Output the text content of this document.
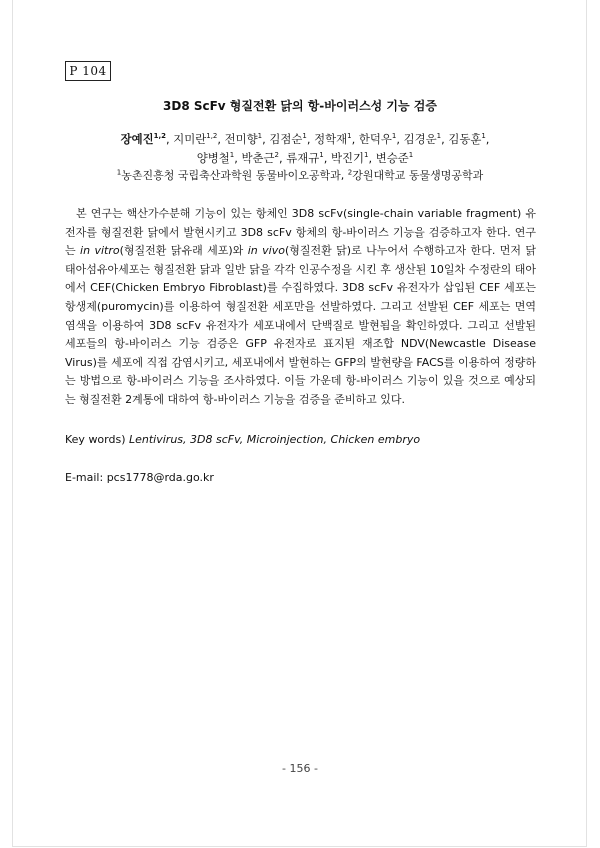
P 104
3D8 ScFv 형질전환 닭의 항-바이러스성 기능 검증
장예진$^{1,2}$, 지미란$^{1,2}$, 전미향$^1$, 김점순$^1$, 정학재$^1$, 한덕우$^1$, 김경운$^1$, 김동훈$^1$,
양병철$^1$, 박춘근$^2$, 류재규$^1$, 박진기$^1$, 변승준$^1$
$^1$농촌진흥청 국립축산과학원 동물바이오공학과, $^2$강원대학교 동물생명공학과

본 연구는 핵산가수분해 기능이 있는 항체인 3D8 scFv(single-chain variable fragment) 유전자를 형질전환 닭에서 발현시키고 3D8 scFv 항체의 항-바이러스 기능을 검증하고자 한다. 연구는 in vitro(형질전환 닭유래 세포)와 in vivo(형질전환 닭)로 나누어서 수행하고자 한다. 먼저 닭 태아섬유아세포는 형질전환 닭과 일반 닭을 각각 인공수정을 시킨 후 생산된 10일차 수정란의 태아에서 CEF(Chicken Embryo Fibroblast)를 수집하였다. 3D8 scFv 유전자가 삽입된 CEF 세포는 항생제(puromycin)를 이용하여 형질전환 세포만을 선발하였다. 그리고 선발된 CEF 세포는 면역염색을 이용하여 3D8 scFv 유전자가 세포내에서 단백질로 발현됨을 확인하였다. 그리고 선발된 세포들의 항-바이러스 기능 검증은 GFP 유전자로 표지된 재조합 NDV(Newcastle Disease Virus)를 세포에 직접 감염시키고, 세포내에서 발현하는 GFP의 발현량을 FACS를 이용하여 정량하는 방법으로 항-바이러스 기능을 조사하였다. 이들 가운데 항-바이러스 기능이 있을 것으로 예상되는 형질전환 2계통에 대하여 항-바이러스 기능을 검증을 준비하고 있다.

Key words) Lentivirus, 3D8 scFv, Microinjection, Chicken embryo
E-mail: pcs1778@rda.go.kr
- 156 -
